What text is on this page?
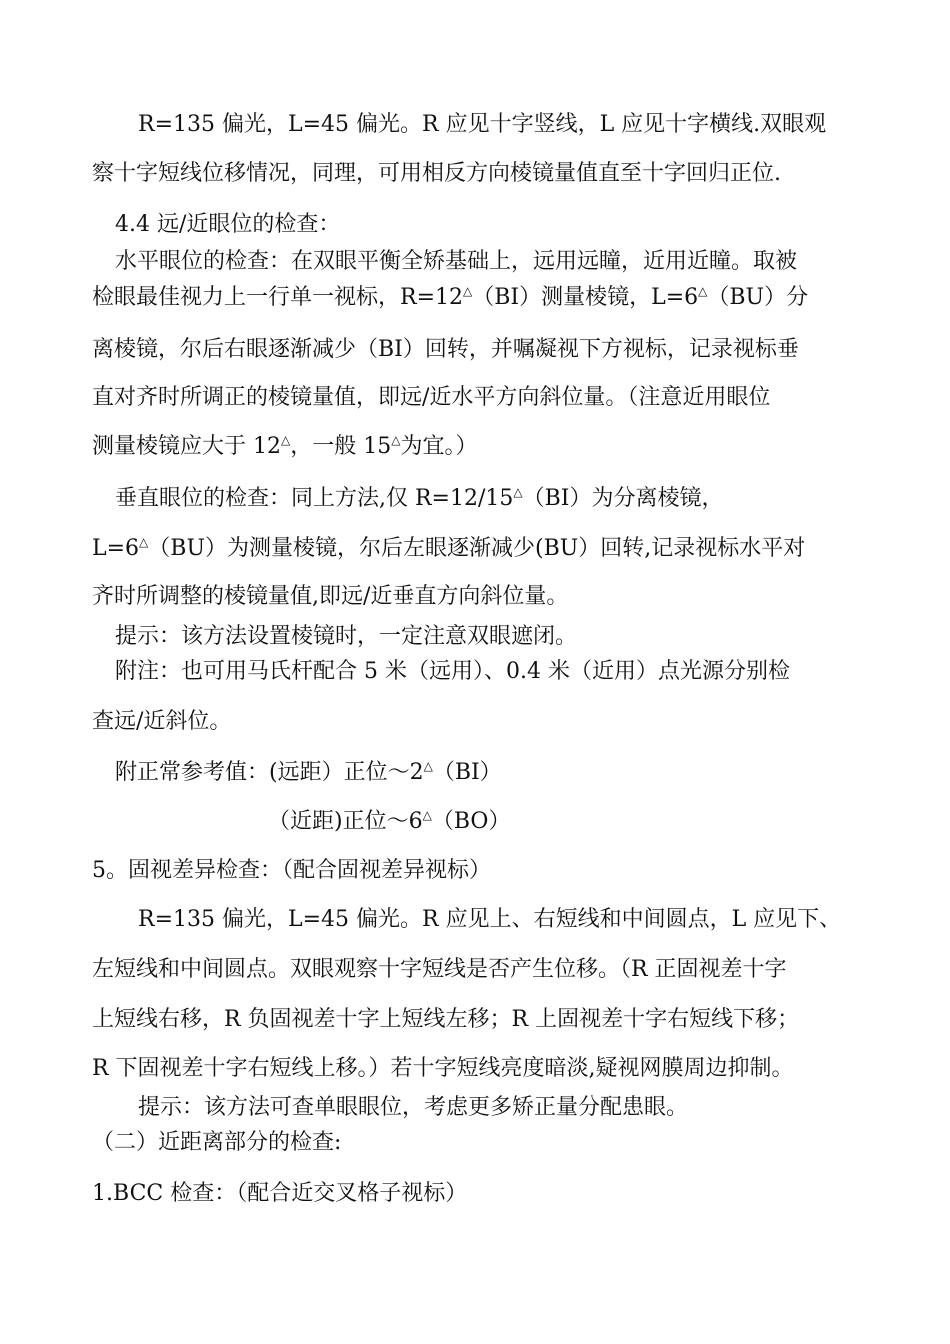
R=135 偏光，L=45 偏光。R 应见十字竖线，L 应见十字横线.双眼观
察十字短线位移情况，同理，可用相反方向棱镜量值直至十字回归正位.
4.4 远/近眼位的检查：
水平眼位的检查：在双眼平衡全矫基础上，远用远瞳，近用近瞳。取被
检眼最佳视力上一行单一视标，R=12△（BI）测量棱镜，L=6△（BU）分
离棱镜，尔后右眼逐渐减少（BI）回转，并嘱凝视下方视标，记录视标垂
直对齐时所调正的棱镜量值，即远/近水平方向斜位量。（注意近用眼位
测量棱镜应大于 12△，一般 15△为宜。）
垂直眼位的检查：同上方法,仅 R=12/15△（BI）为分离棱镜，
L=6△（BU）为测量棱镜，尔后左眼逐渐减少(BU）回转,记录视标水平对
齐时所调整的棱镜量值,即远/近垂直方向斜位量。
提示：该方法设置棱镜时，一定注意双眼遮闭。
附注：也可用马氏杆配合 5 米（远用）、0.4 米（近用）点光源分别检
查远/近斜位。
附正常参考值：(远距）正位～2△（BI）
（近距)正位～6△（BO）
5。固视差异检查：（配合固视差异视标）
R=135 偏光，L=45 偏光。R 应见上、右短线和中间圆点，L 应见下、
左短线和中间圆点。双眼观察十字短线是否产生位移。（R 正固视差十字
上短线右移，R 负固视差十字上短线左移；R 上固视差十字右短线下移；
R 下固视差十字右短线上移。）若十字短线亮度暗淡,疑视网膜周边抑制。
提示：该方法可查单眼眼位，考虑更多矫正量分配患眼。
（二）近距离部分的检查:
1.BCC 检查：（配合近交叉格子视标）
